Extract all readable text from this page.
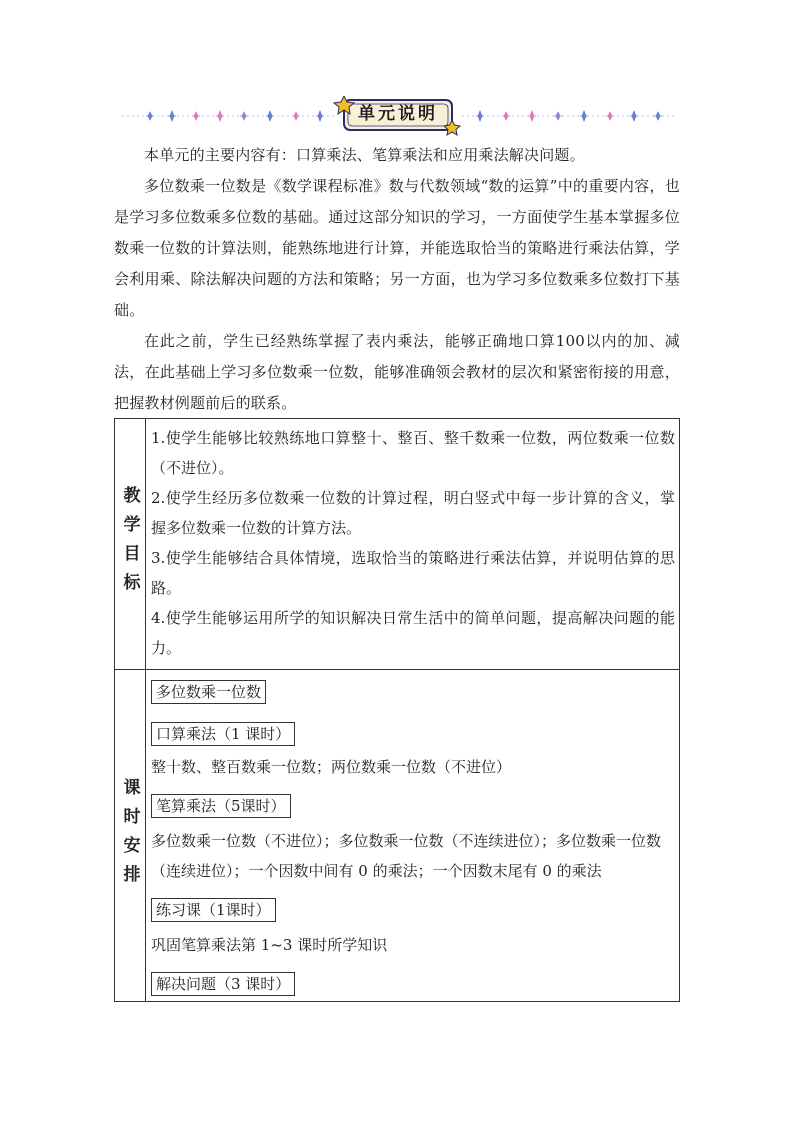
单元说明

本单元的主要内容有：口算乘法、笔算乘法和应用乘法解决问题。

多位数乘一位数是《数学课程标准》数与代数领域“数的运算”中的重要内容，也是学习多位数乘多位数的基础。通过这部分知识的学习，一方面使学生基本掌握多位数乘一位数的计算法则，能熟练地进行计算，并能选取恰当的策略进行乘法估算，学会利用乘、除法解决问题的方法和策略；另一方面，也为学习多位数乘多位数打下基础。

在此之前，学生已经熟练掌握了表内乘法，能够正确地口算100以内的加、减法，在此基础上学习多位数乘一位数，能够准确领会教材的层次和紧密衔接的用意，把握教材例题前后的联系。

教学目标

1.使学生能够比较熟练地口算整十、整百、整千数乘一位数，两位数乘一位数（不进位）。

2.使学生经历多位数乘一位数的计算过程，明白竖式中每一步计算的含义，掌握多位数乘一位数的计算方法。

3.使学生能够结合具体情境，选取恰当的策略进行乘法估算，并说明估算的思路。

4.使学生能够运用所学的知识解决日常生活中的简单问题，提高解决问题的能力。

课时安排
多位数乘一位数
口算乘法（1 课时）

整十数、整百数乘一位数；两位数乘一位数（不进位）

笔算乘法（5课时）

多位数乘一位数（不进位）；多位数乘一位数（不连续进位）；多位数乘一位数（连续进位）；一个因数中间有 0 的乘法；一个因数末尾有 0 的乘法

练习课（1课时）

巩固笔算乘法第 1~3 课时所学知识

解决问题（3 课时）
